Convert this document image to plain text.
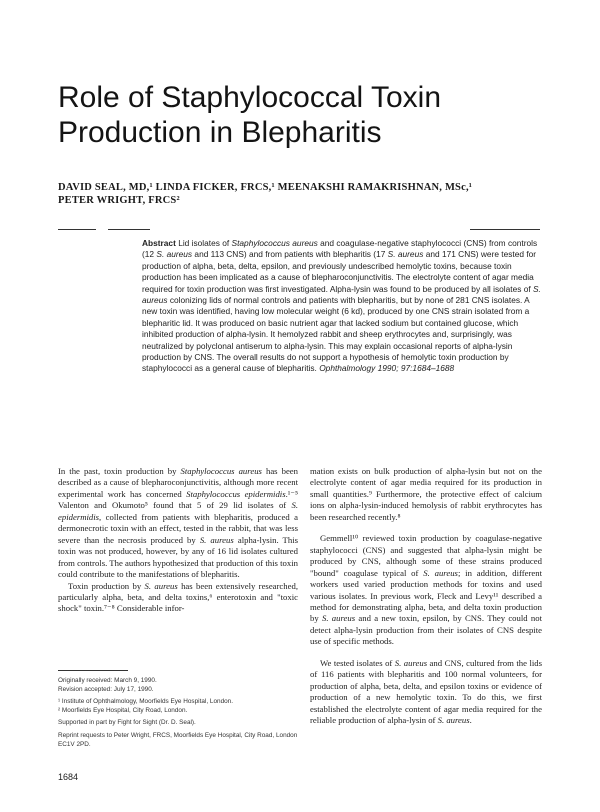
Role of Staphylococcal Toxin Production in Blepharitis
DAVID SEAL, MD,¹ LINDA FICKER, FRCS,¹ MEENAKSHI RAMAKRISHNAN, MSc,¹ PETER WRIGHT, FRCS²
Abstract Lid isolates of Staphylococcus aureus and coagulase-negative staphylococci (CNS) from controls (12 S. aureus and 113 CNS) and from patients with blepharitis (17 S. aureus and 171 CNS) were tested for production of alpha, beta, delta, epsilon, and previously undescribed hemolytic toxins, because toxin production has been implicated as a cause of blepharoconjunctivitis. The electrolyte content of agar media required for toxin production was first investigated. Alpha-lysin was found to be produced by all isolates of S. aureus colonizing lids of normal controls and patients with blepharitis, but by none of 281 CNS isolates. A new toxin was identified, having low molecular weight (6 kd), produced by one CNS strain isolated from a blepharitic lid. It was produced on basic nutrient agar that lacked sodium but contained glucose, which inhibited production of alpha-lysin. It hemolyzed rabbit and sheep erythrocytes and, surprisingly, was neutralized by polyclonal antiserum to alpha-lysin. This may explain occasional reports of alpha-lysin production by CNS. The overall results do not support a hypothesis of hemolytic toxin production by staphylococci as a general cause of blepharitis. Ophthalmology 1990; 97:1684–1688

In the past, toxin production by Staphylococcus aureus has been described as a cause of blepharoconjunctivitis, although more recent experimental work has concerned Staphylococcus epidermidis.¹⁻⁵ Valenton and Okumoto⁵ found that 5 of 29 lid isolates of S. epidermidis, collected from patients with blepharitis, produced a dermonecrotic toxin with an effect, tested in the rabbit, that was less severe than the necrosis produced by S. aureus alpha-lysin. This toxin was not produced, however, by any of 16 lid isolates cultured from controls. The authors hypothesized that production of this toxin could contribute to the manifestations of blepharitis.

Toxin production by S. aureus has been extensively researched, particularly alpha, beta, and delta toxins,⁶ enterotoxin and "toxic shock" toxin.⁷⁻⁸ Considerable infor-

mation exists on bulk production of alpha-lysin but not on the electrolyte content of agar media required for its production in small quantities.⁹ Furthermore, the protective effect of calcium ions on alpha-lysin-induced hemolysis of rabbit erythrocytes has been researched recently.⁸

Gemmell¹⁰ reviewed toxin production by coagulase-negative staphylococci (CNS) and suggested that alpha-lysin might be produced by CNS, although some of these strains produced "bound" coagulase typical of S. aureus; in addition, different workers used varied production methods for toxins and used various isolates. In previous work, Fleck and Levy¹¹ described a method for demonstrating alpha, beta, and delta toxin production by S. aureus and a new toxin, epsilon, by CNS. They could not detect alpha-lysin production from their isolates of CNS despite use of specific methods.

We tested isolates of S. aureus and CNS, cultured from the lids of 116 patients with blepharitis and 100 normal volunteers, for production of alpha, beta, delta, and epsilon toxins or evidence of production of a new hemolytic toxin. To do this, we first established the electrolyte content of agar media required for the reliable production of alpha-lysin of S. aureus.

Originally received: March 9, 1990.
Revision accepted: July 17, 1990.
¹ Institute of Ophthalmology, Moorfields Eye Hospital, London.
² Moorfields Eye Hospital, City Road, London.
Supported in part by Fight for Sight (Dr. D. Seal).
Reprint requests to Peter Wright, FRCS, Moorfields Eye Hospital, City Road, London EC1V 2PD.
1684
